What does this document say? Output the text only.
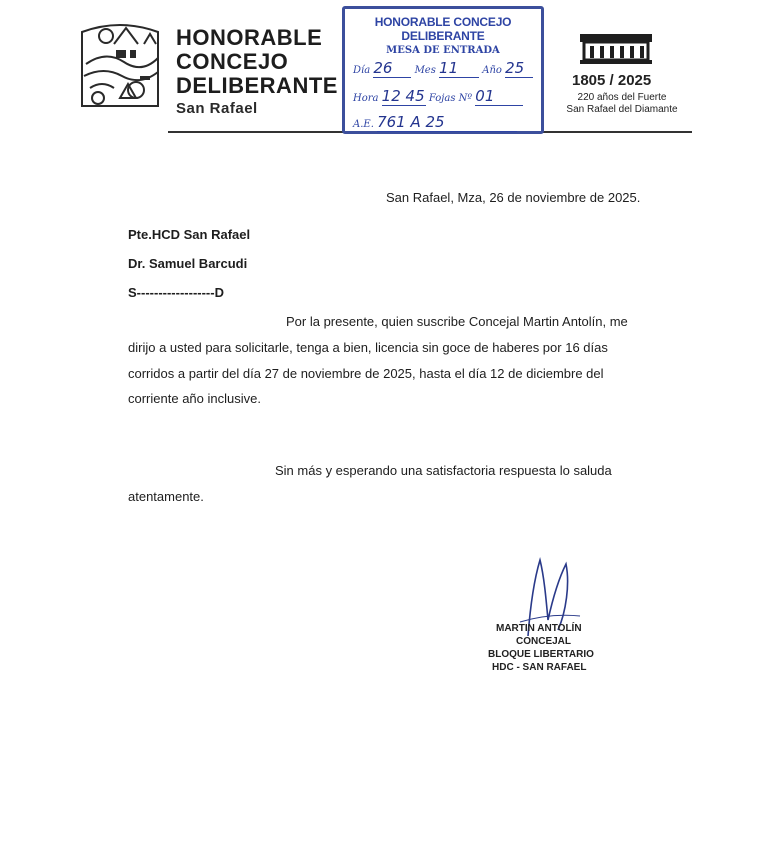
HONORABLE
CONCEJO
DELIBERANTE
San Rafael
HONORABLE CONCEJO DELIBERANTE
MESA DE ENTRADA
Día 26 Mes 11 Año 25
Hora 12 45 Fojas Nº 01
A.E. 761 A 25
1805 / 2025
220 años del Fuerte
San Rafael del Diamante
San Rafael, Mza, 26 de noviembre de 2025.
Pte.HCD San Rafael
Dr. Samuel Barcudi
S------------------D
Por la presente, quien suscribe Concejal Martin Antolín, me
dirijo a usted para solicitarle, tenga a bien, licencia sin goce de haberes por 16 días
corridos a partir del día 27 de noviembre de 2025, hasta el día 12 de diciembre del
corriente año inclusive.
Sin más y esperando una satisfactoria respuesta lo saluda
atentamente.
MARTIN ANTOLÍN
CONCEJAL
BLOQUE LIBERTARIO
HDC - SAN RAFAEL
